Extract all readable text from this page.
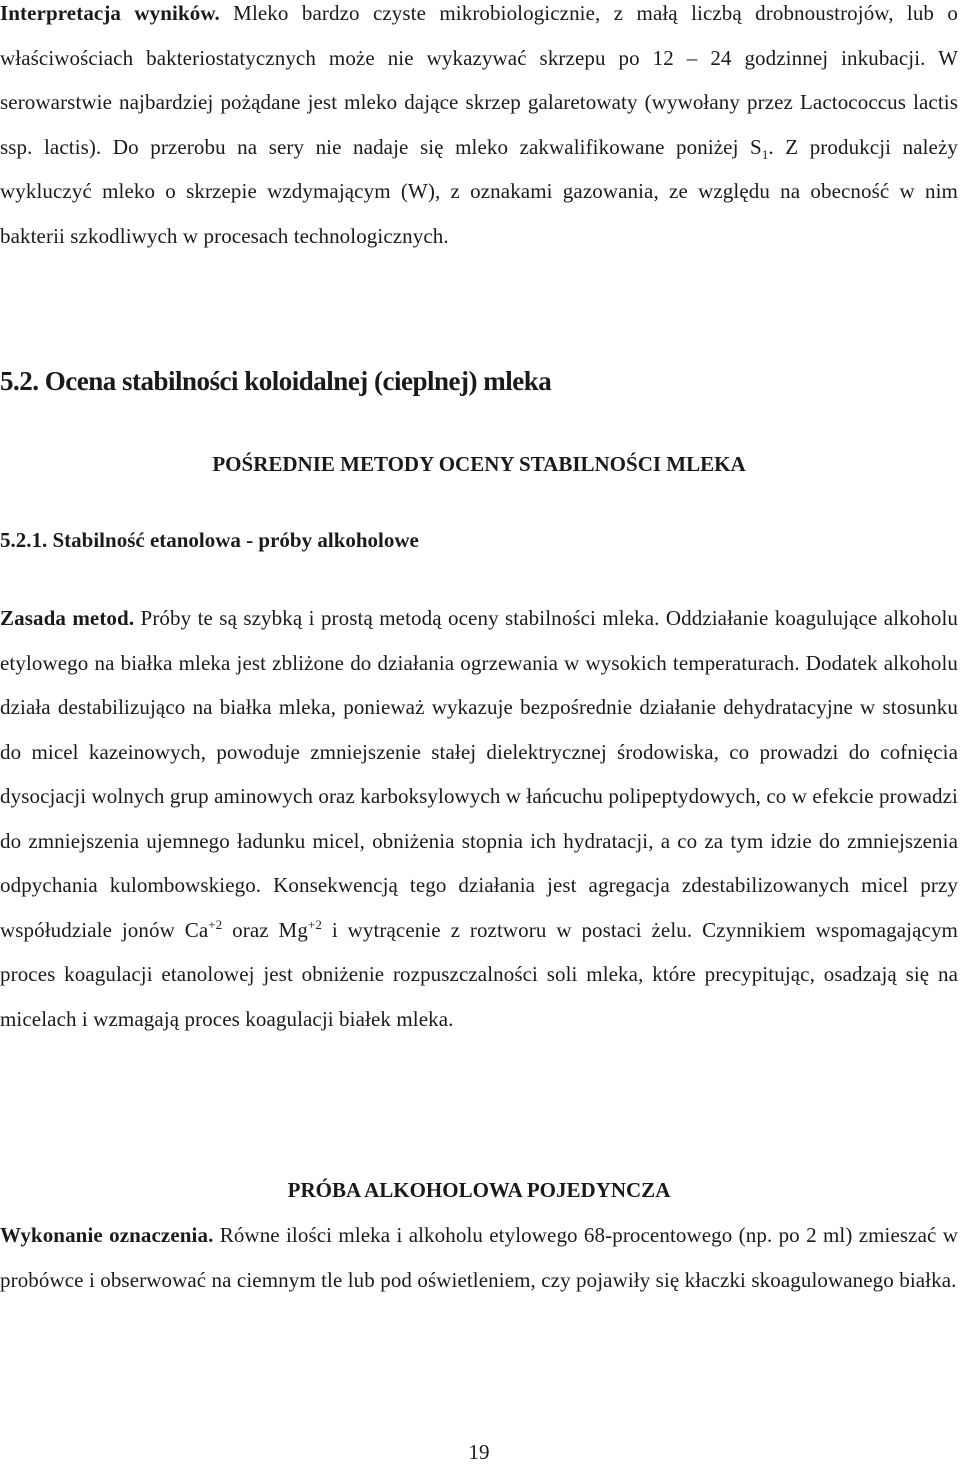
Interpretacja wyników. Mleko bardzo czyste mikrobiologicznie, z małą liczbą drobnoustrojów, lub o właściwościach bakteriostatycznych może nie wykazywać skrzepu po 12 – 24 godzinnej inkubacji. W serowarstwie najbardziej pożądane jest mleko dające skrzep galaretowaty (wywołany przez Lactococcus lactis ssp. lactis). Do przerobu na sery nie nadaje się mleko zakwalifikowane poniżej $S_1$. Z produkcji należy wykluczyć mleko o skrzepie wzdymającym (W), z oznakami gazowania, ze względu na obecność w nim bakterii szkodliwych w procesach technologicznych.

5.2. Ocena stabilności koloidalnej (cieplnej) mleka
POŚREDNIE METODY OCENY STABILNOŚCI MLEKA
5.2.1. Stabilność etanolowa - próby alkoholowe

Zasada metod. Próby te są szybką i prostą metodą oceny stabilności mleka. Oddziałanie koagulujące alkoholu etylowego na białka mleka jest zbliżone do działania ogrzewania w wysokich temperaturach. Dodatek alkoholu działa destabilizująco na białka mleka, ponieważ wykazuje bezpośrednie działanie dehydratacyjne w stosunku do micel kazeinowych, powoduje zmniejszenie stałej dielektrycznej środowiska, co prowadzi do cofnięcia dysocjacji wolnych grup aminowych oraz karboksylowych w łańcuchu polipeptydowych, co w efekcie prowadzi do zmniejszenia ujemnego ładunku micel, obniżenia stopnia ich hydratacji, a co za tym idzie do zmniejszenia odpychania kulombowskiego. Konsekwencją tego działania jest agregacja zdestabilizowanych micel przy współudziale jonów $Ca^{+2}$ oraz $Mg^{+2}$ i wytrącenie z roztworu w postaci żelu. Czynnikiem wspomagającym proces koagulacji etanolowej jest obniżenie rozpuszczalności soli mleka, które precypitując, osadzają się na micelach i wzmagają proces koagulacji białek mleka.

PRÓBA ALKOHOLOWA POJEDYNCZA

Wykonanie oznaczenia. Równe ilości mleka i alkoholu etylowego 68-procentowego (np. po 2 ml) zmieszać w probówce i obserwować na ciemnym tle lub pod oświetleniem, czy pojawiły się kłaczki skoagulowanego białka.

19
